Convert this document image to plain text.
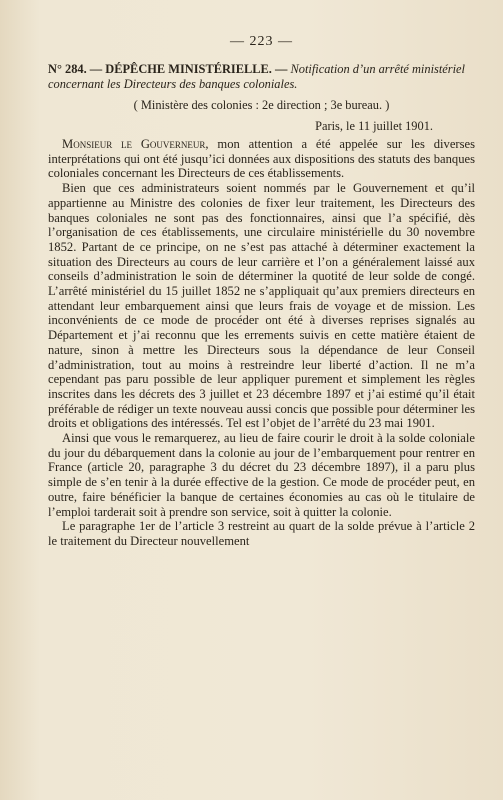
— 223 —

N° 284. — DÉPÊCHE MINISTÉRIELLE. — Notification d’un arrêté ministériel concernant les Directeurs des banques coloniales.

( Ministère des colonies : 2e direction ; 3e bureau. )
Paris, le 11 juillet 1901.

Monsieur le Gouverneur, mon attention a été appelée sur les diverses interprétations qui ont été jusqu’ici données aux dispositions des statuts des banques coloniales concernant les Directeurs de ces établissements.

Bien que ces administrateurs soient nommés par le Gouvernement et qu’il appartienne au Ministre des colonies de fixer leur traitement, les Directeurs des banques coloniales ne sont pas des fonctionnaires, ainsi que l’a spécifié, dès l’organisation de ces établissements, une circulaire ministérielle du 30 novembre 1852. Partant de ce principe, on ne s’est pas attaché à déterminer exactement la situation des Directeurs au cours de leur carrière et l’on a généralement laissé aux conseils d’administration le soin de déterminer la quotité de leur solde de congé. L’arrêté ministériel du 15 juillet 1852 ne s’appliquait qu’aux premiers directeurs en attendant leur embarquement ainsi que leurs frais de voyage et de mission. Les inconvénients de ce mode de procéder ont été à diverses reprises signalés au Département et j’ai reconnu que les errements suivis en cette matière étaient de nature, sinon à mettre les Directeurs sous la dépendance de leur Conseil d’administration, tout au moins à restreindre leur liberté d’action. Il ne m’a cependant pas paru possible de leur appliquer purement et simplement les règles inscrites dans les décrets des 3 juillet et 23 décembre 1897 et j’ai estimé qu’il était préférable de rédiger un texte nouveau aussi concis que possible pour déterminer les droits et obligations des intéressés. Tel est l’objet de l’arrêté du 23 mai 1901.

Ainsi que vous le remarquerez, au lieu de faire courir le droit à la solde coloniale du jour du débarquement dans la colonie au jour de l’embarquement pour rentrer en France (article 20, paragraphe 3 du décret du 23 décembre 1897), il a paru plus simple de s’en tenir à la durée effective de la gestion. Ce mode de procéder peut, en outre, faire bénéficier la banque de certaines économies au cas où le titulaire de l’emploi tarderait soit à prendre son service, soit à quitter la colonie.

Le paragraphe 1er de l’article 3 restreint au quart de la solde prévue à l’article 2 le traitement du Directeur nouvellement
